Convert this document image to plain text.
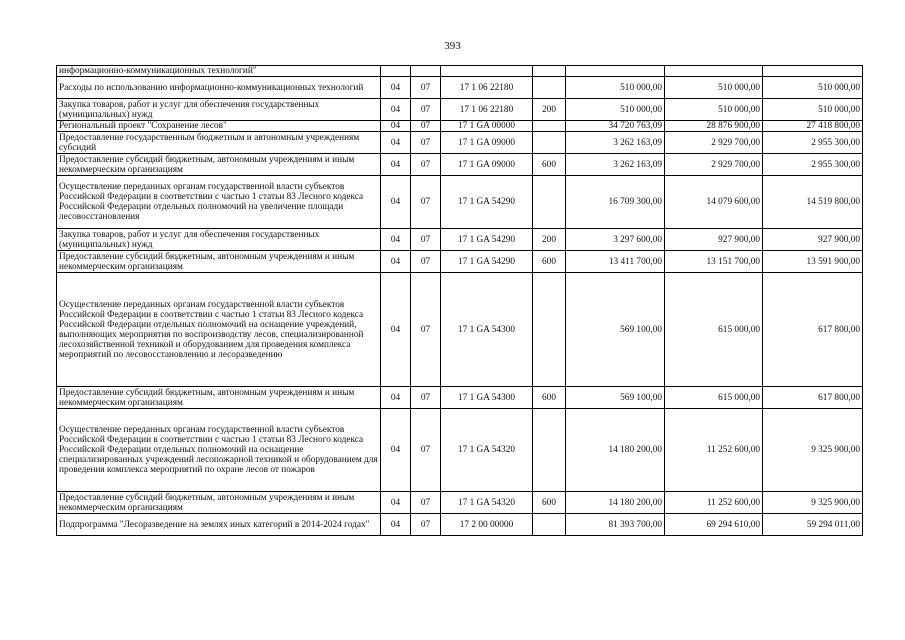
393
информационно-коммуникационных технологий"							
Расходы по использованию информационно-коммуникационных технологий	04	07	17 1 06 22180		510 000,00	510 000,00	510 000,00
Закупка товаров, работ и услуг для обеспечения государственных (муниципальных) нужд	04	07	17 1 06 22180	200	510 000,00	510 000,00	510 000,00
Региональный проект "Сохранение лесов"	04	07	17 1 GA 00000		34 720 763,09	28 876 900,00	27 418 800,00
Предоставление государственным бюджетным и автономным учреждениям субсидий	04	07	17 1 GA 09000		3 262 163,09	2 929 700,00	2 955 300,00
Предоставление субсидий бюджетным, автономным учреждениям и иным некоммерческим организациям	04	07	17 1 GA 09000	600	3 262 163,09	2 929 700,00	2 955 300,00
Осуществление переданных органам государственной власти субъектов Российской Федерации в соответствии с частью 1 статьи 83 Лесного кодекса Российской Федерации отдельных полномочий на увеличение площади лесовосстановления	04	07	17 1 GA 54290		16 709 300,00	14 079 600,00	14 519 800,00
Закупка товаров, работ и услуг для обеспечения государственных (муниципальных) нужд	04	07	17 1 GA 54290	200	3 297 600,00	927 900,00	927 900,00
Предоставление субсидий бюджетным, автономным учреждениям и иным некоммерческим организациям	04	07	17 1 GA 54290	600	13 411 700,00	13 151 700,00	13 591 900,00
Осуществление переданных органам государственной власти субъектов Российской Федерации в соответствии с частью 1 статьи 83 Лесного кодекса Российской Федерации отдельных полномочий на оснащение учреждений, выполняющих мероприятия по воспроизводству лесов, специализированной лесохозяйственной техникой и оборудованием для проведения комплекса мероприятий по лесовосстановлению и лесоразведению	04	07	17 1 GA 54300		569 100,00	615 000,00	617 800,00
Предоставление субсидий бюджетным, автономным учреждениям и иным некоммерческим организациям	04	07	17 1 GA 54300	600	569 100,00	615 000,00	617 800,00
Осуществление переданных органам государственной власти субъектов Российской Федерации в соответствии с частью 1 статьи 83 Лесного кодекса Российской Федерации отдельных полномочий на оснащение специализированных учреждений лесопожарной техникой и оборудованием для проведения комплекса мероприятий по охране лесов от пожаров	04	07	17 1 GA 54320		14 180 200,00	11 252 600,00	9 325 900,00
Предоставление субсидий бюджетным, автономным учреждениям и иным некоммерческим организациям	04	07	17 1 GA 54320	600	14 180 200,00	11 252 600,00	9 325 900,00
Подпрограмма "Лесоразведение на землях иных категорий в 2014-2024 годах"	04	07	17 2 00 00000		81 393 700,00	69 294 610,00	59 294 011,00
